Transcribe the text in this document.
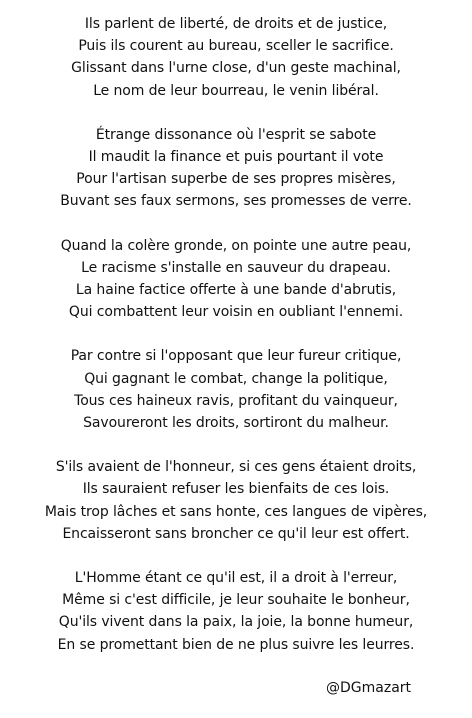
Ils parlent de liberté, de droits et de justice,
Puis ils courent au bureau, sceller le sacrifice.
Glissant dans l'urne close, d'un geste machinal,
Le nom de leur bourreau, le venin libéral.
Étrange dissonance où l'esprit se sabote
Il maudit la finance et puis pourtant il vote
Pour l'artisan superbe de ses propres misères,
Buvant ses faux sermons, ses promesses de verre.
Quand la colère gronde, on pointe une autre peau,
Le racisme s'installe en sauveur du drapeau.
La haine factice offerte à une bande d'abrutis,
Qui combattent leur voisin en oubliant l'ennemi.
Par contre si l'opposant que leur fureur critique,
Qui gagnant le combat, change la politique,
Tous ces haineux ravis, profitant du vainqueur,
Savoureront les droits, sortiront du malheur.
S'ils avaient de l'honneur, si ces gens étaient droits,
Ils sauraient refuser les bienfaits de ces lois.
Mais trop lâches et sans honte, ces langues de vipères,
Encaisseront sans broncher ce qu'il leur est offert.
L'Homme étant ce qu'il est, il a droit à l'erreur,
Même si c'est difficile, je leur souhaite le bonheur,
Qu'ils vivent dans la paix, la joie, la bonne humeur,
En se promettant bien de ne plus suivre les leurres.
@DGmazart
